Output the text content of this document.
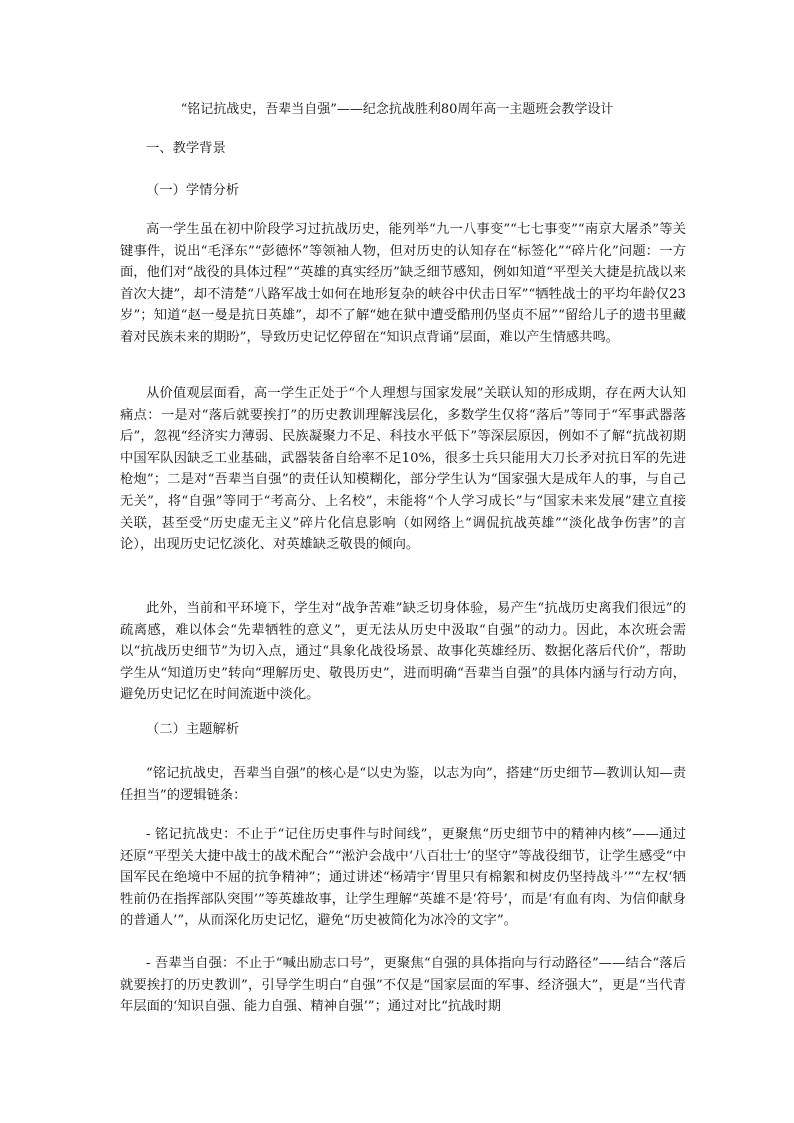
“铭记抗战史，吾辈当自强”——纪念抗战胜利80周年高一主题班会教学设计
一、教学背景
（一）学情分析
高一学生虽在初中阶段学习过抗战历史，能列举“九一八事变”“七七事变”“南京大屠杀”等关键事件，说出“毛泽东”“彭德怀”等领袖人物，但对历史的认知存在“标签化”“碎片化”问题：一方面，他们对“战役的具体过程”“英雄的真实经历”缺乏细节感知，例如知道“平型关大捷是抗战以来首次大捷”，却不清楚“八路军战士如何在地形复杂的峡谷中伏击日军”“牺牲战士的平均年龄仅23岁”；知道“赵一曼是抗日英雄”，却不了解“她在狱中遭受酷刑仍坚贞不屈”“留给儿子的遗书里藏着对民族未来的期盼”，导致历史记忆停留在“知识点背诵”层面，难以产生情感共鸣。
从价值观层面看，高一学生正处于“个人理想与国家发展”关联认知的形成期，存在两大认知痛点：一是对“落后就要挨打”的历史教训理解浅层化，多数学生仅将“落后”等同于“军事武器落后”，忽视“经济实力薄弱、民族凝聚力不足、科技水平低下”等深层原因，例如不了解“抗战初期中国军队因缺乏工业基础，武器装备自给率不足10%，很多士兵只能用大刀长矛对抗日军的先进枪炮”；二是对“吾辈当自强”的责任认知模糊化，部分学生认为“国家强大是成年人的事，与自己无关”，将“自强”等同于“考高分、上名校”，未能将“个人学习成长”与“国家未来发展”建立直接关联，甚至受“历史虚无主义”碎片化信息影响（如网络上“调侃抗战英雄”“淡化战争伤害”的言论），出现历史记忆淡化、对英雄缺乏敬畏的倾向。
此外，当前和平环境下，学生对“战争苦难”缺乏切身体验，易产生“抗战历史离我们很远”的疏离感，难以体会“先辈牺牲的意义”，更无法从历史中汲取“自强”的动力。因此，本次班会需以“抗战历史细节”为切入点，通过“具象化战役场景、故事化英雄经历、数据化落后代价”，帮助学生从“知道历史”转向“理解历史、敬畏历史”，进而明确“吾辈当自强”的具体内涵与行动方向，避免历史记忆在时间流逝中淡化。
（二）主题解析
“铭记抗战史，吾辈当自强”的核心是“以史为鉴，以志为向”，搭建“历史细节—教训认知—责任担当”的逻辑链条：
- 铭记抗战史：不止于“记住历史事件与时间线”，更聚焦“历史细节中的精神内核”——通过还原“平型关大捷中战士的战术配合”“淞沪会战中‘八百壮士’的坚守”等战役细节，让学生感受“中国军民在绝境中不屈的抗争精神”；通过讲述“杨靖宇‘胃里只有棉絮和树皮仍坚持战斗’”“左权‘牺牲前仍在指挥部队突围’”等英雄故事，让学生理解“英雄不是‘符号’，而是‘有血有肉、为信仰献身的普通人’”，从而深化历史记忆，避免“历史被简化为冰冷的文字”。
- 吾辈当自强：不止于“喊出励志口号”，更聚焦“自强的具体指向与行动路径”——结合“落后就要挨打的历史教训”，引导学生明白“自强”不仅是“国家层面的军事、经济强大”，更是“当代青年层面的‘知识自强、能力自强、精神自强’”；通过对比“抗战时期
